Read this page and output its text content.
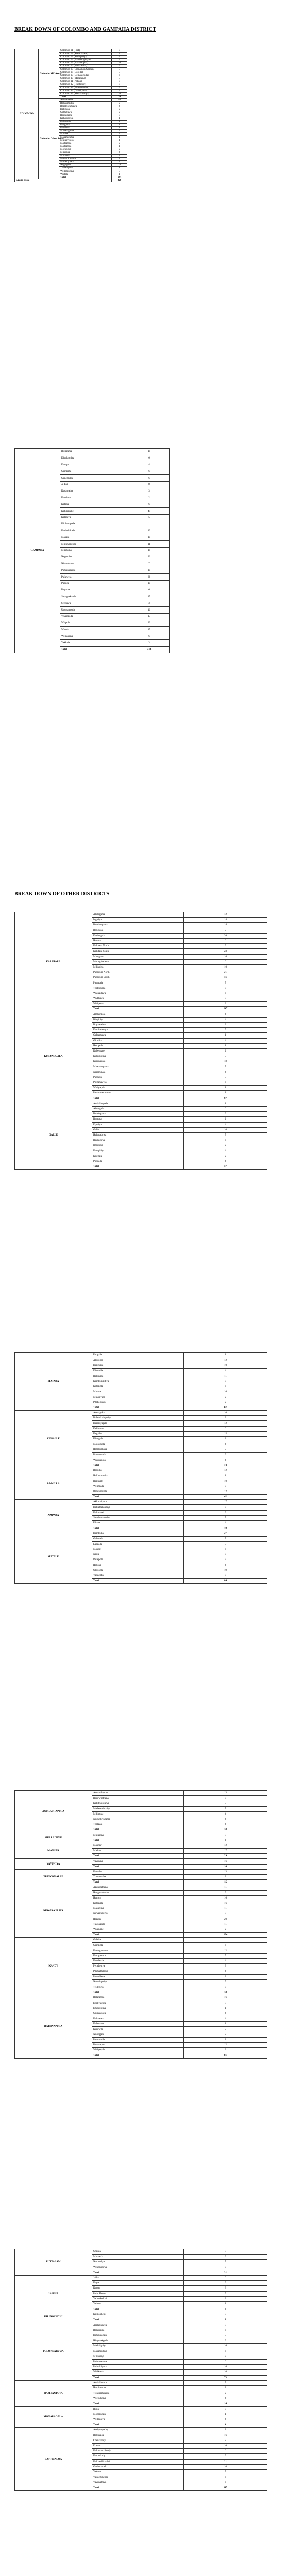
BREAK DOWN OF COLOMBO AND GAMPAHA DISTRICT
COLOMBO	Colombo MC Areas	Colombo 01 (Fort)	3
		Colombo 02 (Slave Island)	2
		Colombo 03 (Kollupitiya)	3
		Colombo 04 (Bambalapitiya)	3
		Colombo 05 (Narahenpita)	10
		Colombo 06 (Wellawatta)	5
		Colombo 07 (Cinnamon Garden)	5
		Colombo 08 (Borella)	5
		Colombo 09 (Dematagoda)	6
		Colombo 10 (Maradana)	5
		Colombo 11 (Pettah)	3
		Colombo 12 (Hulftsdorf)	3
		Colombo 13 (Bloemendhal)	5
		Colombo 14 (Grandpass)	4
		Colombo 15 (Mattakkuliya)	10
		Total	76
	Colombo Other Areas	Avissawella	40
		Battaramulla	2
		Boralesgamuwa	4
		Dehiwala	2
		Gothatuwa	2
		Homagama	7
		Kahatuduwa	1
		Kohuwala	1
		Kosgama	1
		Kotahena	1
		Maharagama	3
		Malabe	2
		Maharagama	1
		Mulleriyawa	1
		Mattegoda	2
		Mattegoda	1
		Moratuwa	2
		Mirihana	4
		Maramba	2
		Mount Lavinia	8
		Mulleriyawa	2
		Nugegoda	14
		Thalangama	1
		Wellampitiya	5
		Wattala	1
		Total	144
Grand Total			220
GAMPAHA	Biyagama	18
	Divulapitiya	6
	Dompe	4
	Gampaha	6
	Ganemulla	6
	Ja-Ela	8
	Kadawatha	3
	Kandana	2
	Katana	6
	Katunayake	45
	Kelaniya	5
	Kiribathgoda	1
	Kochchikade	10
	Mahara	10
	Minuwangoda	11
	Mirigama	18
	Negombo	26
	Nittambuwa	7
	Pamunugama	10
	Pallewela	26
	Pugoda	10
	Ragama	6
	Sapugaskanda	17
	Seeduwa	3
	Udugampola	16
	Veyangoda	17
	Walpola	23
	Wattala	15
	Weliweriya	6
	Yakkala	3
	Total	342
BREAK DOWN OF OTHER DISTRICTS
KALUTARA	Aluthgama	12
	Ingiriya	14
	Bandaragama	14
	Beruwala	9
	Dodangoda	20
	Horana	6
	Kalutara North	9
	Kalutara South	23
	Matugama	16
	Moragahahena	6
	Millaniya	10
	Panadura North	21
	Panadura South	56
	Payagala	7
	Thebuwana	3
	Waskaduwa	6
	Wadduwa	8
	Welipenna	3
	Total	247
KURUNEGALA	Ambanpola	4
	Bingiriya	4
	Boyawalana	3
	Dambadeniya	5
	Galgamuwa	1
	Giriulla	4
	Hettipola	1
	Kobeigane	2
	Kuliyapitiya	5
	Kurunegala	18
	Mawathagama	7
	Narammala	4
	Pannala	5
	Polgahawela	6
	Wariyapola	1
	Panduwasnuwara	1
	Total	67
GALLE	Ambalangoda	1
	Ahungalla	6
	Baddegama	9
	Bentota	2
	Elpitiya	4
	Galle	10
	Habaraduwa	7
	Hikkaduwa	6
	Imaduwa	2
	Karapitiya	4
	Koggala	2
	Poddala	4
	Total	57
MATARA	Urugala	1
	Akuressa	12
	Deniyaya	10
	Dikwella	4
	Hakmana	11
	Kamburupitiya	3
	Kotapola	6
	Matara	16
	Mulatiyana	2
	Pitabeddara	2
	Total	67
KEGALLE	Aranayaka	10
	Bulathkohupitiya	3
	Deraniyagala	12
	Dehiowita	6
	Kegalle	15
	Kitulgala	2
	Mawanella	4
	Rambukkana	9
	Ruwanwella	9
	Warakapola	4
	Total	74
BADULLA	Badulla	12
	Haldummulla	1
	Haputale	10
	Welimada	7
	Bandarawela	12
	Total	42
AMPARA	Akkaraipattu	17
	Dehiattakandiya	3
	Kalmunai	9
	Sainthamaruthu	7
	Uhana	4
	Total	40
MATALE	Dambulla	27
	Galewela	7
	Laggala	5
	Matale	6
	Naula	3
	Pallepola	3
	Rattota	4
	Ukuwela	19
	Yatawatta	3
	Total	84
ANURADHAPURA	Anuradhapura	13
	Horowpothana	3
	Kebithigollewa	5
	Medawachchiya	7
	Mihintale	4
	Nochchiyagama	4
	Thalawa	4
	Total	43
MULLAITIVU	Mullaitivu	8
	Total	8
MANNAR	Mannar	12
	Madhu	17
	Total	29
VAVUNIYA	Vavuniya	16
	Total	16
TRINCOMALEE	Kantale	13
	Trincomalee	2
	Total	15
NUWARA ELIYA	Agarapathana	11
	Hanguranketha	9
	Hatton	16
	Kotagala	16
	Maskeliya	11
	Nuwara Eliya	8
	Ragala	20
	Talawakele	11
	Walapane	2
	Total	104
KANDY	Galaha	11
	Gampola	6
	Kadugannawa	12
	Katugastota	5
	Kundasale	4
	Peradeniya	3
	Pilimathalawa	4
	Pussellawa	2
	Nawalapitiya	5
	Teldeniya	3
	Total	43
RATHNAPURA	Balangoda	16
	Eheliyagoda	8
	Embilipitiya	1
	Godakawela	4
	Kahawatta	4
	Kalawana	1
	Kuruwita	9
	Nivitigala	8
	Pelmadulla	8
	Rathnapura	12
	Weligepola	3
	Total	81
PUTTALAM	Chilaw	8
	Marawila	9
	Nattandiya	7
	Wennappuwa	7
	Total	31
JAFFNA	Jaffna	6
	Kayts	9
	Kopay	3
	Point Pedro	5
	Vaddukoddai	3
	Velanai	1
	Total	8
KILINOCHCHI	Kilinochchi	8
	Total	8
POLONNARUWA	Aralaganwila	8
	Bakamuna	6
	Dimbulagala	5
	Hingurakgoda	9
	Medirigiriya	16
	Manampitiya	6
	Minneriya	2
	Polonnaruwa	6
	Pulasthigama	16
	Welikanda	10
	Total	73
HAMBANTOTA	Ambalantota	7
	Hambantota	8
	Tissamaharama	2
	Weeraketiya	4
	Total	14
MONARAGALA	Bibile	3
	Monaragala	1
	Wellawaya	4
	Total	4
BATTICALOA	Araiyampathy	8
	Batticaloa	16
	Chenkalady	8
	Eravur	10
	Kaluwanchikudy	6
	Kattankudy	9
	Kokkaddicholai	21
	Oddamavadi	10
	Vakarai	7
	Valaichchenai	6
	Vavunathivu	6
	Total	117
